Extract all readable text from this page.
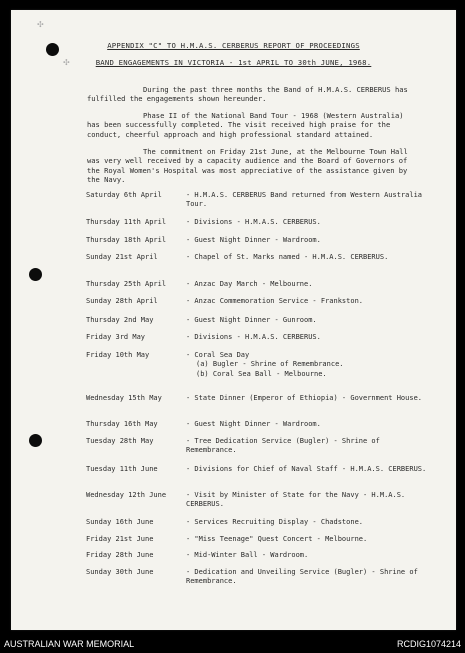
✣
✣
APPENDIX "C" TO H.M.A.S. CERBERUS REPORT OF PROCEEDINGS
BAND ENGAGEMENTS IN VICTORIA - 1st APRIL TO 30th JUNE, 1968.

During the past three months the Band of H.M.A.S. CERBERUS has fulfilled the engagements shown hereunder.

Phase II of the National Band Tour - 1968 (Western Australia) has been successfully completed. The visit received high praise for the conduct, cheerful approach and high professional standard attained.

The commitment on Friday 21st June, at the Melbourne Town Hall was very well received by a capacity audience and the Board of Governors of the Royal Women's Hospital was most appreciative of the assistance given by the Navy.

Saturday 6th April	- H.M.A.S. CERBERUS Band returned from Western Australia Tour.
Thursday 11th April	- Divisions - H.M.A.S. CERBERUS.
Thursday 18th April	- Guest Night Dinner - Wardroom.
Sunday 21st April	- Chapel of St. Marks named - H.M.A.S. CERBERUS.
Thursday 25th April	- Anzac Day March - Melbourne.
Sunday 28th April	- Anzac Commemoration Service - Frankston.
Thursday 2nd May	- Guest Night Dinner - Gunroom.
Friday 3rd May	- Divisions - H.M.A.S. CERBERUS.
Friday 10th May	- Coral Sea Day
(a) Bugler - Shrine of Remembrance.
(b) Coral Sea Ball - Melbourne.
Wednesday 15th May	- State Dinner (Emperor of Ethiopia) - Government House.
Thursday 16th May	- Guest Night Dinner - Wardroom.
Tuesday 28th May	- Tree Dedication Service (Bugler) - Shrine of Remembrance.
Tuesday 11th June	- Divisions for Chief of Naval Staff - H.M.A.S. CERBERUS.
Wednesday 12th June	- Visit by Minister of State for the Navy - H.M.A.S. CERBERUS.
Sunday 16th June	- Services Recruiting Display - Chadstone.
Friday 21st June	- "Miss Teenage" Quest Concert - Melbourne.
Friday 28th June	- Mid-Winter Ball - Wardroom.
Sunday 30th June	- Dedication and Unveiling Service (Bugler) - Shrine of Remembrance.
AUSTRALIAN WAR MEMORIAL	RCDIG1074214
